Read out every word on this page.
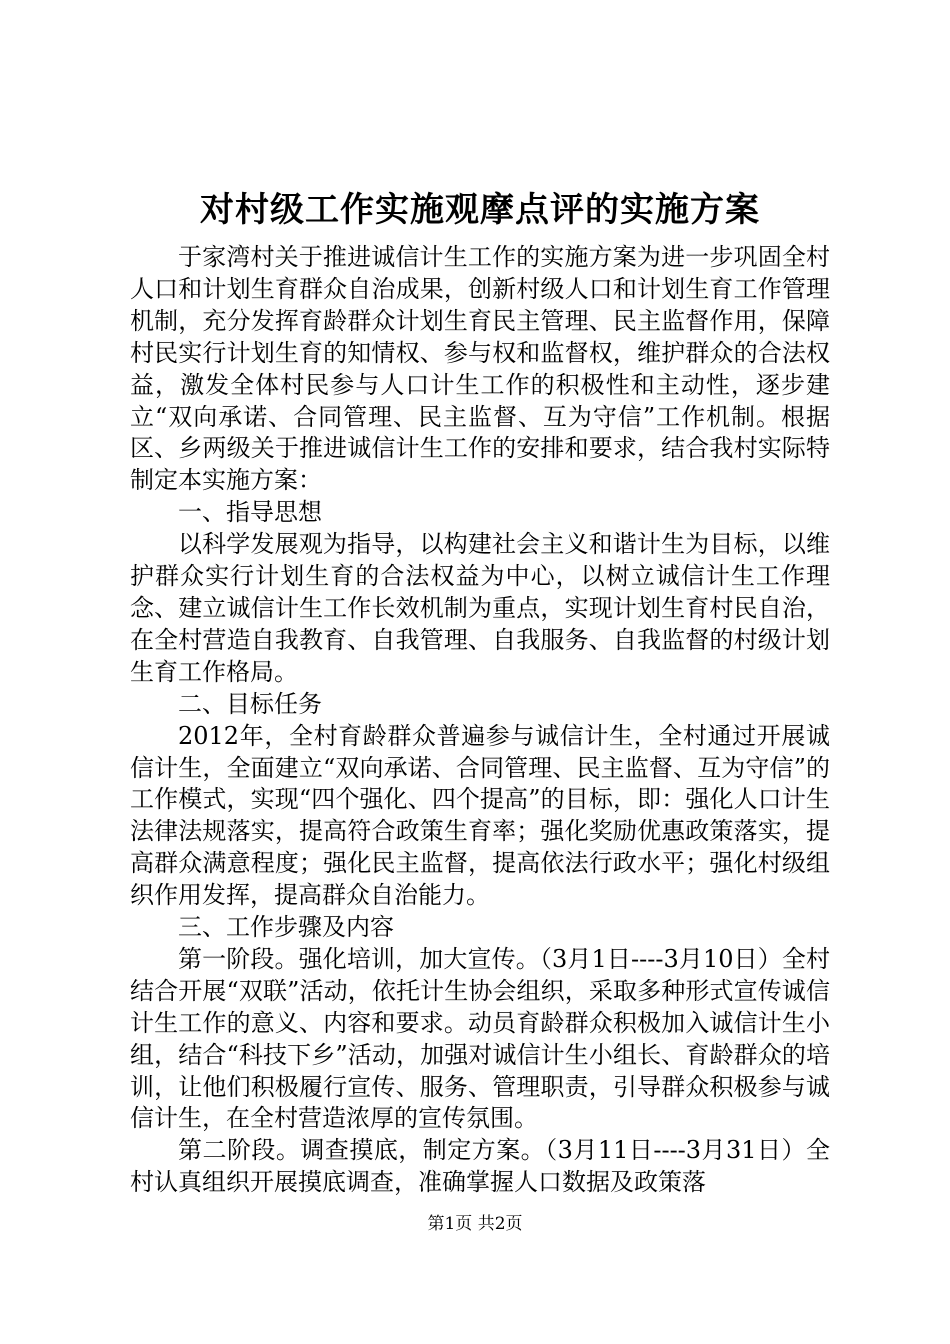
对村级工作实施观摩点评的实施方案

于家湾村关于推进诚信计生工作的实施方案为进一步巩固全村人口和计划生育群众自治成果，创新村级人口和计划生育工作管理机制，充分发挥育龄群众计划生育民主管理、民主监督作用，保障村民实行计划生育的知情权、参与权和监督权，维护群众的合法权益，激发全体村民参与人口计生工作的积极性和主动性，逐步建立“双向承诺、合同管理、民主监督、互为守信”工作机制。根据区、乡两级关于推进诚信计生工作的安排和要求，结合我村实际特制定本实施方案：

一、指导思想

以科学发展观为指导，以构建社会主义和谐计生为目标，以维护群众实行计划生育的合法权益为中心，以树立诚信计生工作理念、建立诚信计生工作长效机制为重点，实现计划生育村民自治，在全村营造自我教育、自我管理、自我服务、自我监督的村级计划生育工作格局。

二、目标任务

2012年，全村育龄群众普遍参与诚信计生，全村通过开展诚信计生，全面建立“双向承诺、合同管理、民主监督、互为守信”的工作模式，实现“四个强化、四个提高”的目标，即：强化人口计生法律法规落实，提高符合政策生育率；强化奖励优惠政策落实，提高群众满意程度；强化民主监督，提高依法行政水平；强化村级组织作用发挥，提高群众自治能力。

三、工作步骤及内容

第一阶段。强化培训，加大宣传。（3月1日----3月10日）全村结合开展“双联”活动，依托计生协会组织，采取多种形式宣传诚信计生工作的意义、内容和要求。动员育龄群众积极加入诚信计生小组，结合“科技下乡”活动，加强对诚信计生小组长、育龄群众的培训，让他们积极履行宣传、服务、管理职责，引导群众积极参与诚信计生，在全村营造浓厚的宣传氛围。

第二阶段。调查摸底，制定方案。（3月11日----3月31日）全村认真组织开展摸底调查，准确掌握人口数据及政策落

第1页 共2页
